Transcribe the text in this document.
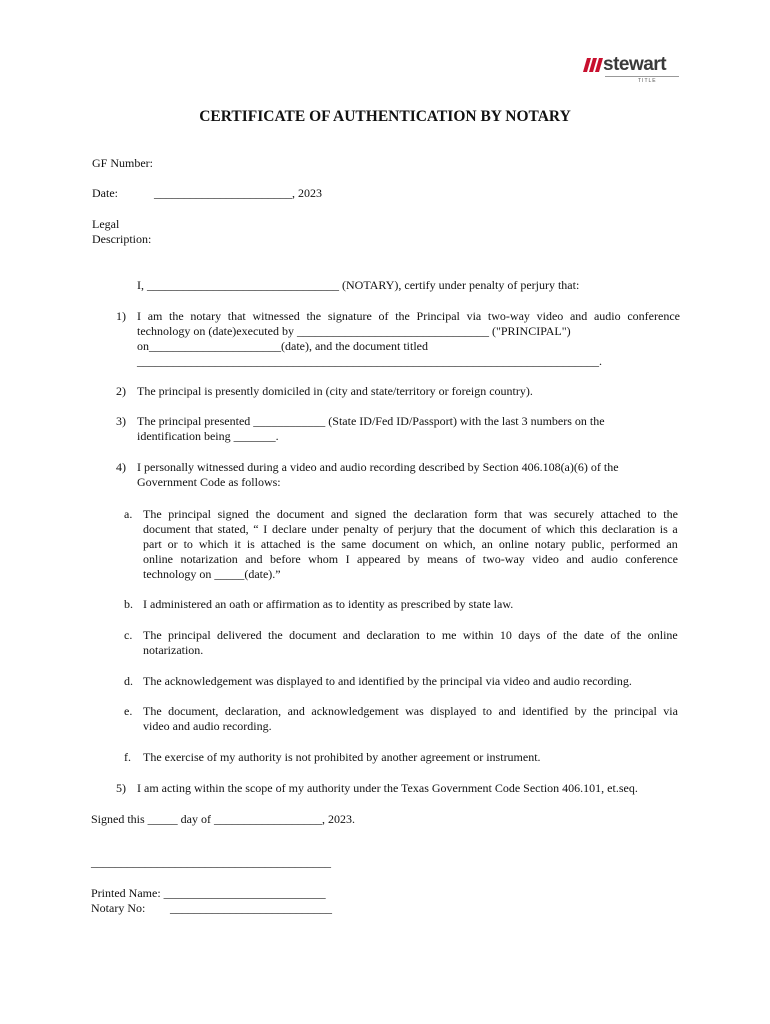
stewart
TITLE
CERTIFICATE OF AUTHENTICATION BY NOTARY
GF Number:
Date:	_______________________, 2023
Legal
Description:
I, ________________________________ (NOTARY), certify under penalty of perjury that:
1) I am the notary that witnessed the signature of the Principal via two-way video and audio conference
technology on (date)executed by ________________________________ ("PRINCIPAL")
on______________________(date), and the document titled
_____________________________________________________________________________.
2) The principal is presently domiciled in (city and state/territory or foreign country).
3) The principal presented ____________ (State ID/Fed ID/Passport) with the last 3 numbers on the
identification being _______.
4) I personally witnessed during a video and audio recording described by Section 406.108(a)(6) of the
Government Code as follows:
a. The principal signed the document and signed the declaration form that was securely attached to the
document that stated, “ I declare under penalty of perjury that the document of which this declaration is a
part or to which it is attached is the same document on which, an online notary public, performed an
online notarization and before whom I appeared by means of two-way video and audio conference
technology on _____(date).”
b. I administered an oath or affirmation as to identity as prescribed by state law.
c. The principal delivered the document and declaration to me within 10 days of the date of the online
notarization.
d. The acknowledgement was displayed to and identified by the principal via video and audio recording.
e. The document, declaration, and acknowledgement was displayed to and identified by the principal via
video and audio recording.
f. The exercise of my authority is not prohibited by another agreement or instrument.
5) I am acting within the scope of my authority under the Texas Government Code Section 406.101, et.seq.
Signed this _____ day of __________________, 2023.
________________________________________
Printed Name: ___________________________
Notary No: ___________________________
